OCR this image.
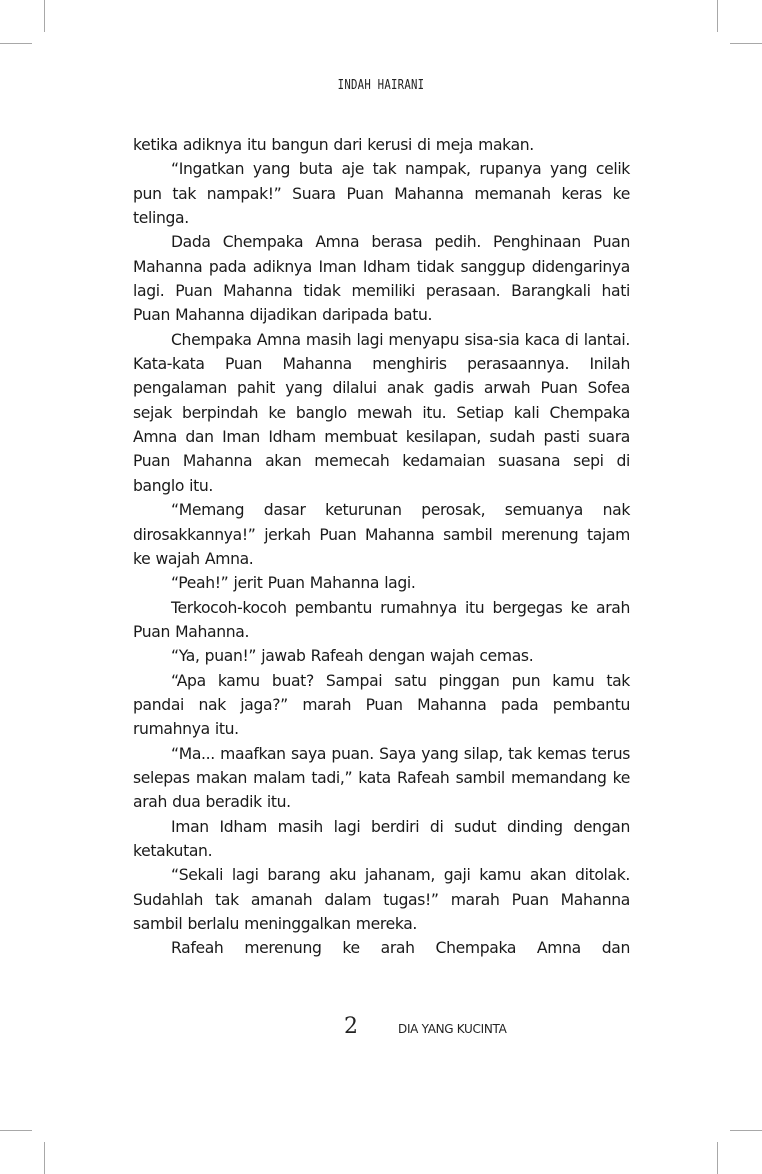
INDAH HAIRANI

ketika adiknya itu bangun dari kerusi di meja makan.

“Ingatkan yang buta aje tak nampak, rupanya yang celik pun tak nampak!” Suara Puan Mahanna memanah keras ke telinga.

Dada Chempaka Amna berasa pedih. Penghinaan Puan Mahanna pada adiknya Iman Idham tidak sanggup didengarinya lagi. Puan Mahanna tidak memiliki perasaan. Barangkali hati Puan Mahanna dijadikan daripada batu.

Chempaka Amna masih lagi menyapu sisa-sia kaca di lantai. Kata-kata Puan Mahanna menghiris perasaannya. Inilah pengalaman pahit yang dilalui anak gadis arwah Puan Sofea sejak berpindah ke banglo mewah itu. Setiap kali Chempaka Amna dan Iman Idham membuat kesilapan, sudah pasti suara Puan Mahanna akan memecah kedamaian suasana sepi di banglo itu.

“Memang dasar keturunan perosak, semuanya nak dirosakkannya!” jerkah Puan Mahanna sambil merenung tajam ke wajah Amna.

“Peah!” jerit Puan Mahanna lagi.

Terkocoh-kocoh pembantu rumahnya itu bergegas ke arah Puan Mahanna.

“Ya, puan!” jawab Rafeah dengan wajah cemas.

“Apa kamu buat? Sampai satu pinggan pun kamu tak pandai nak jaga?” marah Puan Mahanna pada pembantu rumahnya itu.

“Ma... maafkan saya puan. Saya yang silap, tak kemas terus selepas makan malam tadi,” kata Rafeah sambil memandang ke arah dua beradik itu.

Iman Idham masih lagi berdiri di sudut dinding dengan ketakutan.

“Sekali lagi barang aku jahanam, gaji kamu akan ditolak. Sudahlah tak amanah dalam tugas!” marah Puan Mahanna sambil berlalu meninggalkan mereka.

Rafeah merenung ke arah Chempaka Amna dan

2	DIA YANG KUCINTA
